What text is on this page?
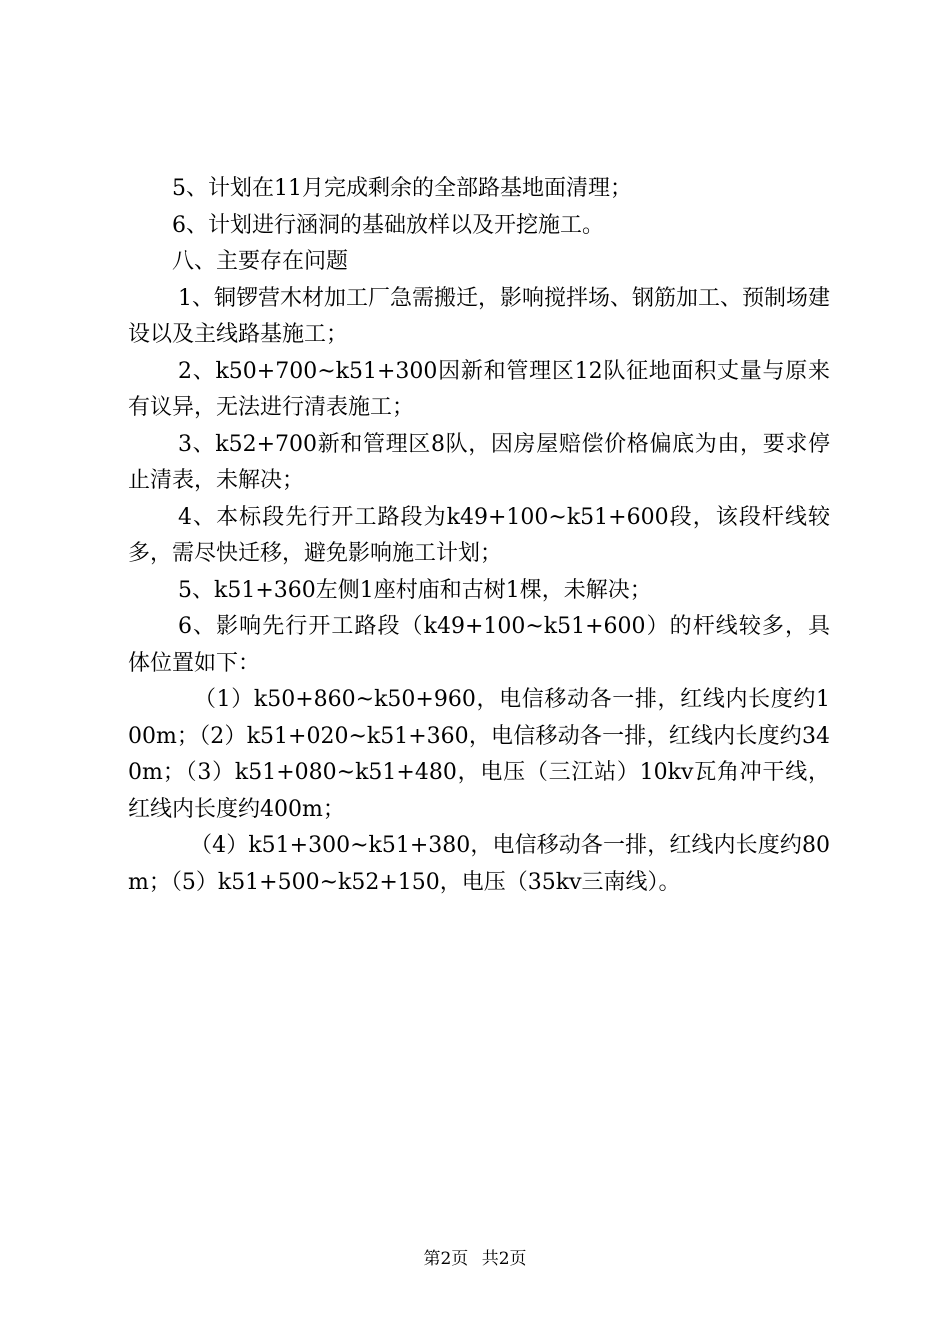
5、计划在11月完成剩余的全部路基地面清理；

6、计划进行涵洞的基础放样以及开挖施工。

八、主要存在问题

1、铜锣营木材加工厂急需搬迁，影响搅拌场、钢筋加工、预制场建设以及主线路基施工；

2、k50+700~k51+300因新和管理区12队征地面积丈量与原来有议异，无法进行清表施工；

3、k52+700新和管理区8队，因房屋赔偿价格偏底为由，要求停止清表，未解决；

4、本标段先行开工路段为k49+100~k51+600段，该段杆线较多，需尽快迁移，避免影响施工计划；

5、k51+360左侧1座村庙和古树1棵，未解决；

6、影响先行开工路段（k49+100~k51+600）的杆线较多，具体位置如下：

（1）k50+860~k50+960，电信移动各一排，红线内长度约100m；（2）k51+020~k51+360，电信移动各一排，红线内长度约340m；（3）k51+080~k51+480，电压（三江站）10kv瓦角冲干线，红线内长度约400m；

（4）k51+300~k51+380，电信移动各一排，红线内长度约80m；（5）k51+500~k52+150，电压（35kv三南线）。

第2页 共2页
